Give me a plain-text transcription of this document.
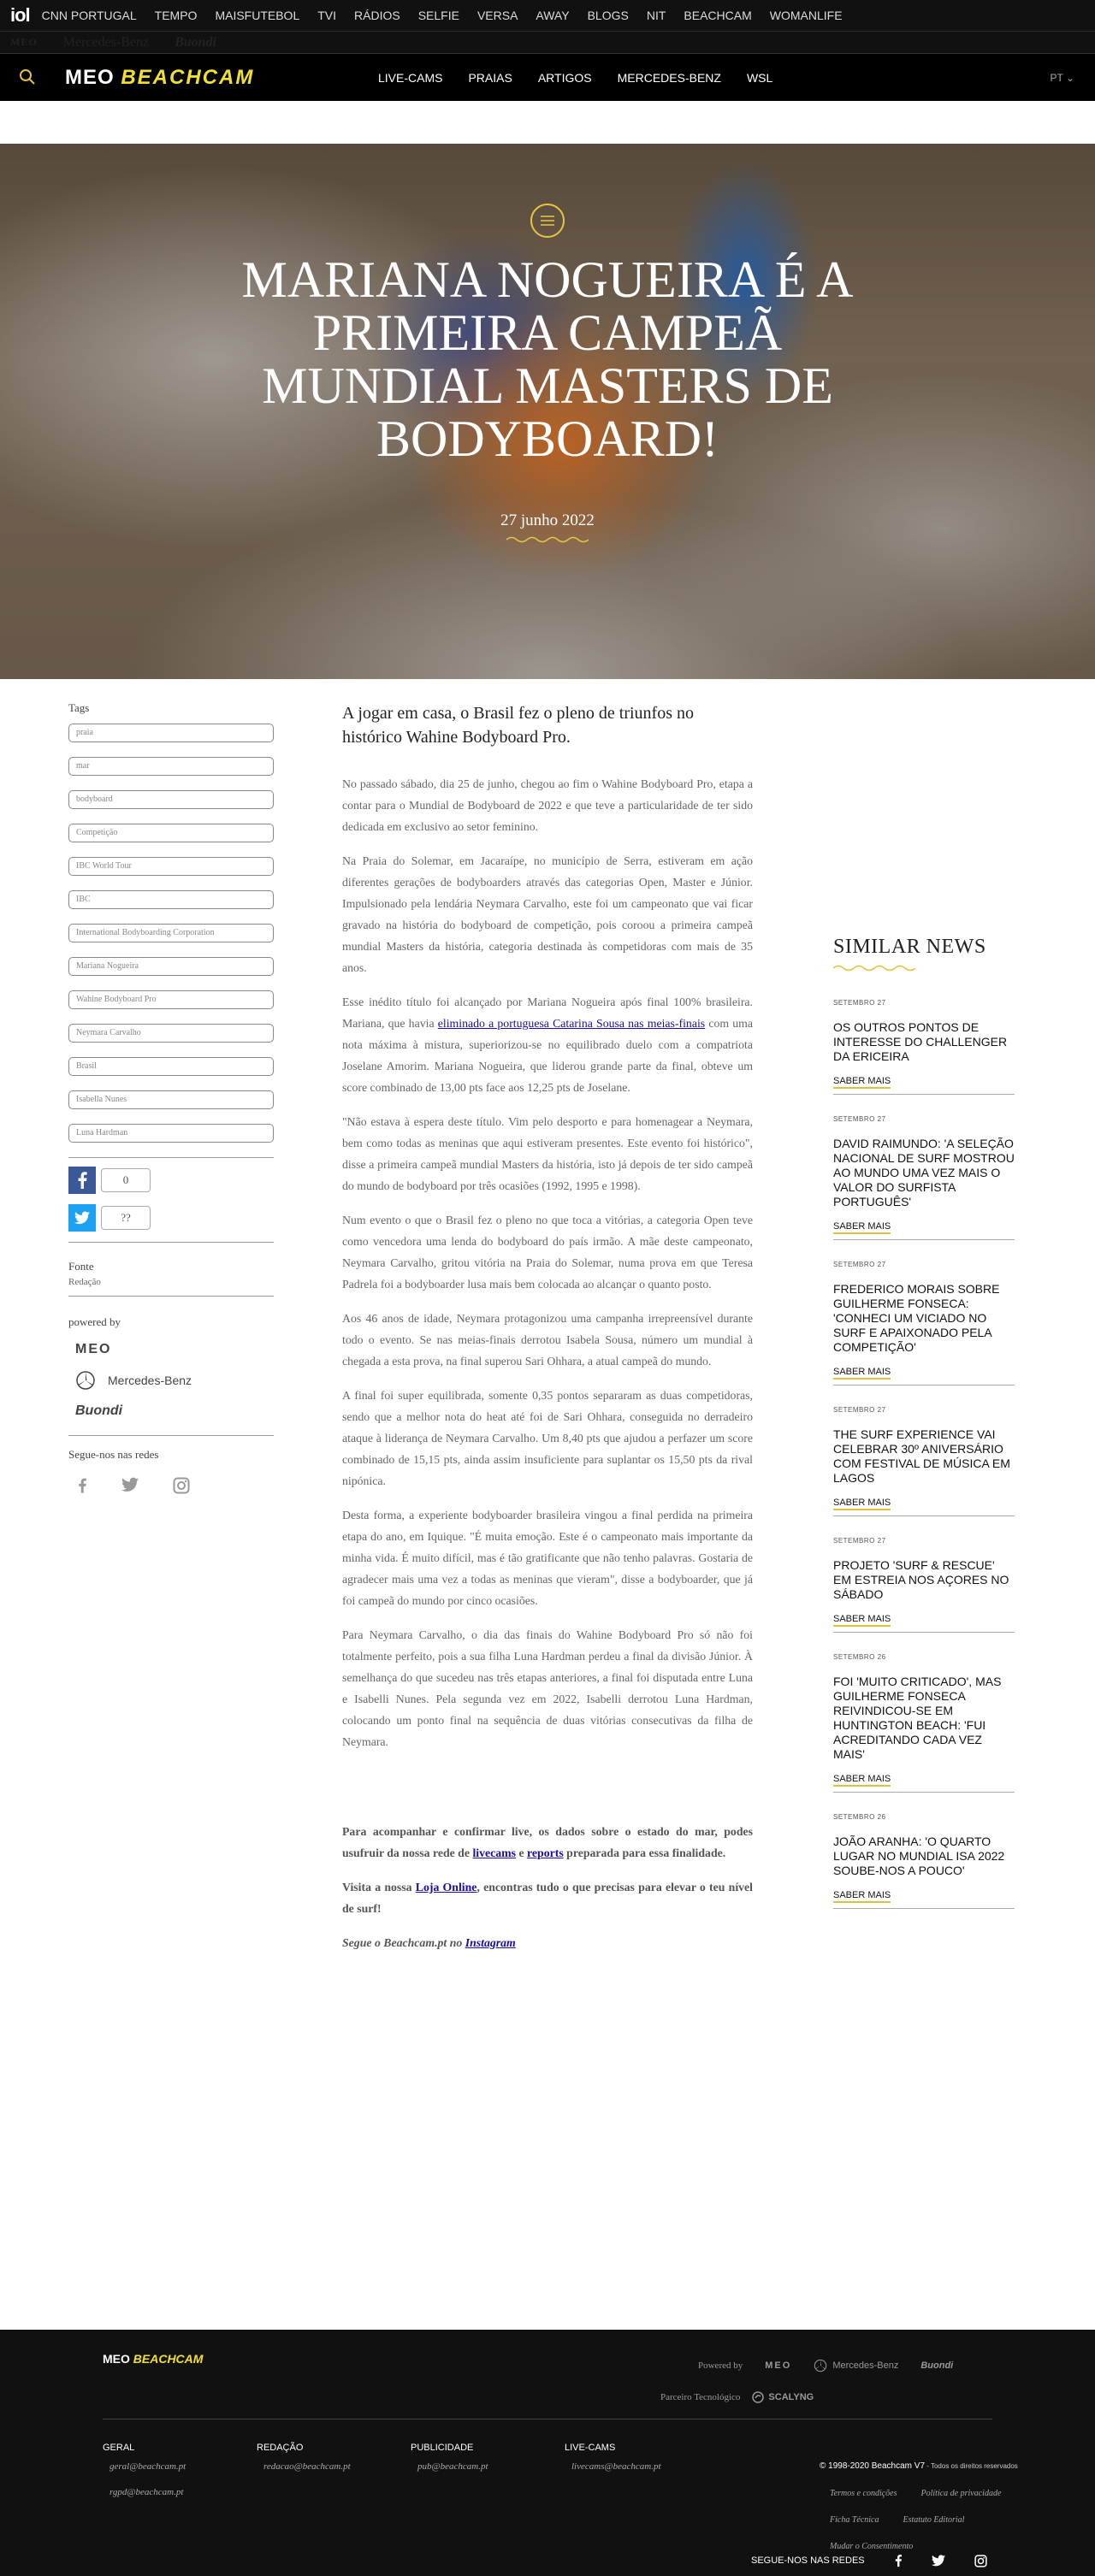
iol CNN PORTUGAL TEMPO MAISFUTEBOL TVI RÁDIOS SELFIE VERSA AWAY BLOGS NIT BEACHCAM WOMANLIFE
MEO Mercedes-Benz Buondi
MEO BEACHCAM	LIVE-CAMS PRAIAS ARTIGOS MERCEDES-BENZ WSL	PT ⌄
MARIANA NOGUEIRA É A PRIMEIRA CAMPEÃ MUNDIAL MASTERS DE BODYBOARD!
27 junho 2022
Tags
praia
mar
bodyboard
Competição
IBC World Tour
IBC
International Bodyboarding Corporation
Mariana Nogueira
Wahine Bodyboard Pro
Neymara Carvalho
Brasil
Isabella Nunes
Luna Hardman
0
??
Fonte
Redação
powered by
MEO
Mercedes-Benz
Buondi
Segue-nos nas redes
A jogar em casa, o Brasil fez o pleno de triunfos no histórico Wahine Bodyboard Pro.

No passado sábado, dia 25 de junho, chegou ao fim o Wahine Bodyboard Pro, etapa a contar para o Mundial de Bodyboard de 2022 e que teve a particularidade de ter sido dedicada em exclusivo ao setor feminino.

Na Praia do Solemar, em Jacaraípe, no município de Serra, estiveram em ação diferentes gerações de bodyboarders através das categorias Open, Master e Júnior. Impulsionado pela lendária Neymara Carvalho, este foi um campeonato que vai ficar gravado na história do bodyboard de competição, pois coroou a primeira campeã mundial Masters da história, categoria destinada às competidoras com mais de 35 anos.

Esse inédito título foi alcançado por Mariana Nogueira após final 100% brasileira. Mariana, que havia eliminado a portuguesa Catarina Sousa nas meias-finais com uma nota máxima à mistura, superiorizou-se no equilibrado duelo com a compatriota Joselane Amorim. Mariana Nogueira, que liderou grande parte da final, obteve um score combinado de 13,00 pts face aos 12,25 pts de Joselane.

"Não estava à espera deste título. Vim pelo desporto e para homenagear a Neymara, bem como todas as meninas que aqui estiveram presentes. Este evento foi histórico", disse a primeira campeã mundial Masters da história, isto já depois de ter sido campeã do mundo de bodyboard por três ocasiões (1992, 1995 e 1998).

Num evento o que o Brasil fez o pleno no que toca a vitórias, a categoria Open teve como vencedora uma lenda do bodyboard do país irmão. A mãe deste campeonato, Neymara Carvalho, gritou vitória na Praia do Solemar, numa prova em que Teresa Padrela foi a bodyboarder lusa mais bem colocada ao alcançar o quanto posto.

Aos 46 anos de idade, Neymara protagonizou uma campanha irrepreensível durante todo o evento. Se nas meias-finais derrotou Isabela Sousa, número um mundial à chegada a esta prova, na final superou Sari Ohhara, a atual campeã do mundo.

A final foi super equilibrada, somente 0,35 pontos separaram as duas competidoras, sendo que a melhor nota do heat até foi de Sari Ohhara, conseguida no derradeiro ataque à liderança de Neymara Carvalho. Um 8,40 pts que ajudou a perfazer um score combinado de 15,15 pts, ainda assim insuficiente para suplantar os 15,50 pts da rival nipónica.

Desta forma, a experiente bodyboarder brasileira vingou a final perdida na primeira etapa do ano, em Iquique. "É muita emoção. Este é o campeonato mais importante da minha vida. É muito difícil, mas é tão gratificante que não tenho palavras. Gostaria de agradecer mais uma vez a todas as meninas que vieram", disse a bodyboarder, que já foi campeã do mundo por cinco ocasiões.

Para Neymara Carvalho, o dia das finais do Wahine Bodyboard Pro só não foi totalmente perfeito, pois a sua filha Luna Hardman perdeu a final da divisão Júnior. À semelhança do que sucedeu nas três etapas anteriores, a final foi disputada entre Luna e Isabelli Nunes. Pela segunda vez em 2022, Isabelli derrotou Luna Hardman, colocando um ponto final na sequência de duas vitórias consecutivas da filha de Neymara.

Para acompanhar e confirmar live, os dados sobre o estado do mar, podes usufruir da nossa rede de livecams e reports preparada para essa finalidade.

Visita a nossa Loja Online, encontras tudo o que precisas para elevar o teu nível de surf!

Segue o Beachcam.pt no Instagram

SIMILAR NEWS
SETEMBRO 27
OS OUTROS PONTOS DE INTERESSE DO CHALLENGER DA ERICEIRA
SABER MAIS
SETEMBRO 27
DAVID RAIMUNDO: 'A SELEÇÃO NACIONAL DE SURF MOSTROU AO MUNDO UMA VEZ MAIS O VALOR DO SURFISTA PORTUGUÊS'
SABER MAIS
SETEMBRO 27
FREDERICO MORAIS SOBRE GUILHERME FONSECA: 'CONHECI UM VICIADO NO SURF E APAIXONADO PELA COMPETIÇÃO'
SABER MAIS
SETEMBRO 27
THE SURF EXPERIENCE VAI CELEBRAR 30º ANIVERSÁRIO COM FESTIVAL DE MÚSICA EM LAGOS
SABER MAIS
SETEMBRO 27
PROJETO 'SURF & RESCUE' EM ESTREIA NOS AÇORES NO SÁBADO
SABER MAIS
SETEMBRO 26
FOI 'MUITO CRITICADO', MAS GUILHERME FONSECA REIVINDICOU-SE EM HUNTINGTON BEACH: 'FUI ACREDITANDO CADA VEZ MAIS'
SABER MAIS
SETEMBRO 26
JOÃO ARANHA: 'O QUARTO LUGAR NO MUNDIAL ISA 2022 SOUBE-NOS A POUCO'
SABER MAIS
MEO BEACHCAM	Powered by MEO	Mercedes-Benz Buondi
Parceiro Tecnológico	SCALYNG
GERAL
geral@beachcam.pt
rgpd@beachcam.pt
REDAÇÃO
redacao@beachcam.pt
PUBLICIDADE
pub@beachcam.pt
LIVE-CAMS
livecams@beachcam.pt	© 1998-2020 Beachcam V7 - Todos os direitos reservados
Termos e condições	Política de privacidade
Ficha Técnica	Estatuto Editorial
Mudar o Consentimento
SEGUE-NOS NAS REDES
